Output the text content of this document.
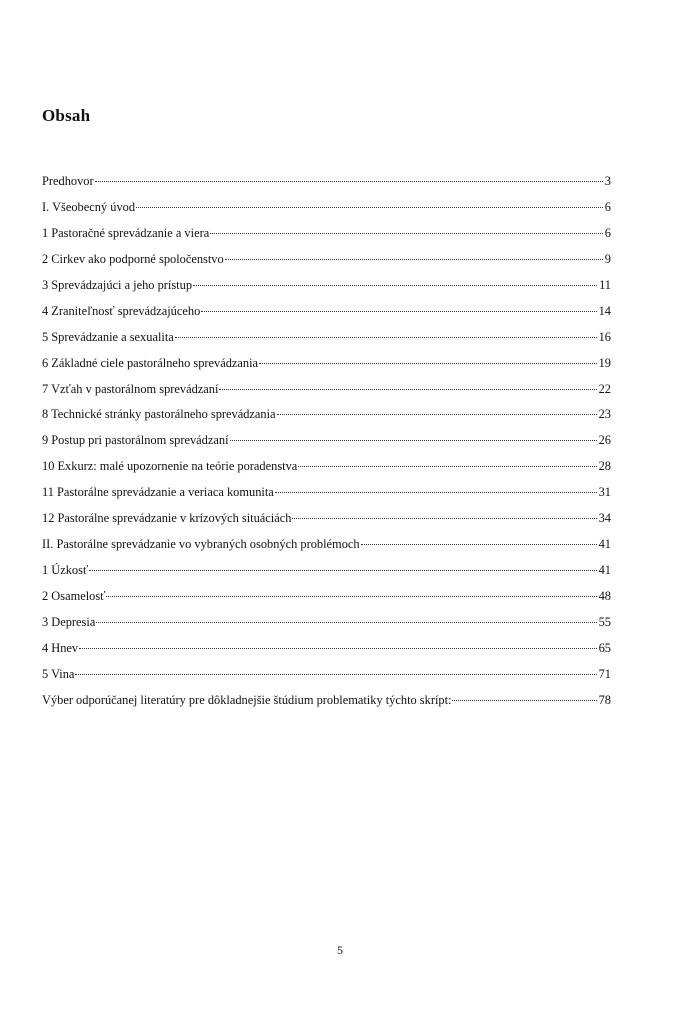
Obsah
Predhovor	3
I. Všeobecný úvod	6
1 Pastoračné sprevádzanie a viera	6
2 Cirkev ako podporné spoločenstvo	9
3 Sprevádzajúci a jeho prístup	11
4 Zraniteľnosť sprevádzajúceho	14
5 Sprevádzanie a sexualita	16
6 Základné ciele pastorálneho sprevádzania	19
7 Vzťah v pastorálnom sprevádzaní	22
8 Technické stránky pastorálneho sprevádzania	23
9 Postup pri pastorálnom sprevádzaní	26
10 Exkurz: malé upozornenie na teórie poradenstva	28
11 Pastorálne sprevádzanie a veriaca komunita	31
12 Pastorálne sprevádzanie v krízových situáciách	34
II. Pastorálne sprevádzanie vo vybraných osobných problémoch	41
1 Úzkosť	41
2 Osamelosť	48
3 Depresia	55
4 Hnev	65
5 Vina	71
Výber odporúčanej literatúry pre dôkladnejšie štúdium problematiky týchto skrípt:	78
5
